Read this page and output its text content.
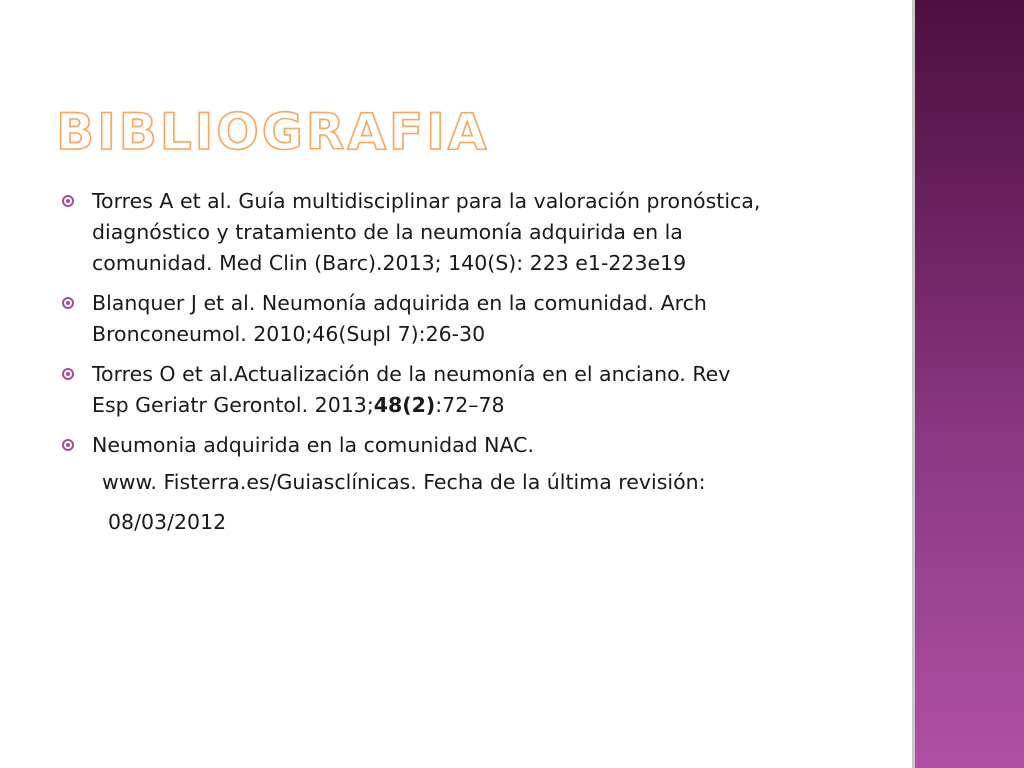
BIBLIOGRAFIA
Torres A et al. Guía multidisciplinar para la valoración pronóstica,
diagnóstico y tratamiento de la neumonía adquirida en la
comunidad. Med Clin (Barc).2013; 140(S): 223 e1-223e19
Blanquer J et al. Neumonía adquirida en la comunidad. Arch
Bronconeumol. 2010;46(Supl 7):26-30
Torres O et al.Actualización de la neumonía en el anciano. Rev
Esp Geriatr Gerontol. 2013;48(2):72–78
Neumonia adquirida en la comunidad NAC.

www. Fisterra.es/Guiasclínicas. Fecha de la última revisión:

08/03/2012
